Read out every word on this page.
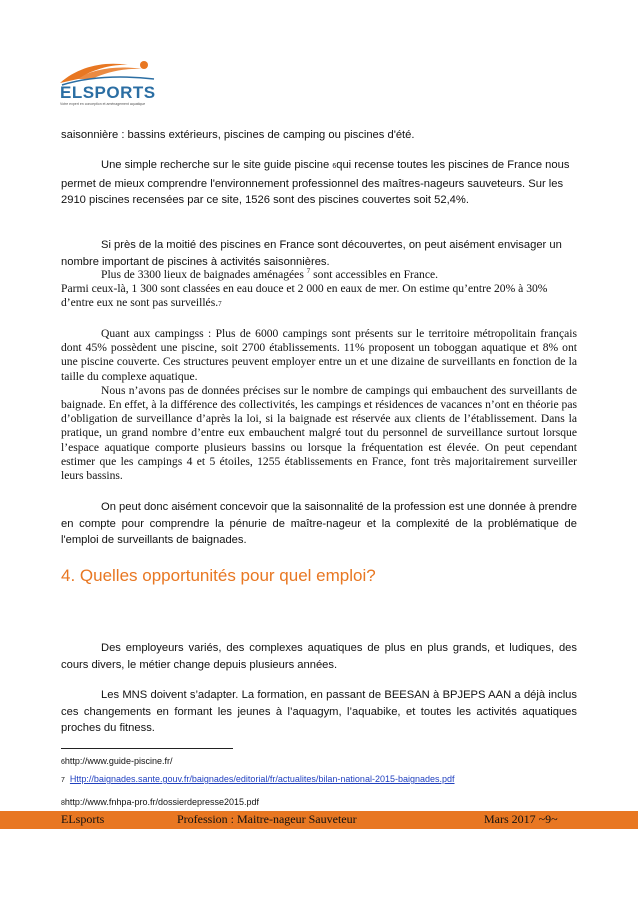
ELSPORTS
Votre expert en conception et aménagement aquatique

saisonnière : bassins extérieurs, piscines de camping ou piscines d'été.

Une simple recherche sur le site guide piscine 6qui recense toutes les piscines de France nous permet de mieux comprendre l'environnement professionnel des maîtres-nageurs sauveteurs. Sur les 2910 piscines recensées par ce site, 1526 sont des piscines couvertes soit 52,4%.

Si près de la moitié des piscines en France sont découvertes, on peut aisément envisager un nombre important de piscines à activités saisonnières.

Plus de 3300 lieux de baignades aménagées $^7$ sont accessibles en France.

Parmi ceux-là, 1 300 sont classées en eau douce et 2 000 en eaux de mer. On estime qu’entre 20% à 30% d’entre eux ne sont pas surveillés.7

Quant aux campingss : Plus de 6000 campings sont présents sur le territoire métropolitain français dont 45% possèdent une piscine, soit 2700 établissements. 11% proposent un toboggan aquatique et 8% ont une piscine couverte. Ces structures peuvent employer entre un et une dizaine de surveillants en fonction de la taille du complexe aquatique.

Nous n’avons pas de données précises sur le nombre de campings qui embauchent des surveillants de baignade. En effet, à la différence des collectivités, les campings et résidences de vacances n’ont en théorie pas d’obligation de surveillance d’après la loi, si la baignade est réservée aux clients de l’établissement. Dans la pratique, un grand nombre d’entre eux embauchent malgré tout du personnel de surveillance surtout lorsque l’espace aquatique comporte plusieurs bassins ou lorsque la fréquentation est élevée. On peut cependant estimer que les campings 4 et 5 étoiles, 1255 établissements en France, font très majoritairement surveiller leurs bassins.

On peut donc aisément concevoir que la saisonnalité de la profession est une donnée à prendre en compte pour comprendre la pénurie de maître-nageur et la complexité de la problématique de l'emploi de surveillants de baignades.

4. Quelles opportunités pour quel emploi?

Des employeurs variés, des complexes aquatiques de plus en plus grands, et ludiques, des cours divers, le métier change depuis plusieurs années.

Les MNS doivent s’adapter. La formation, en passant de BEESAN à BPJEPS AAN a déjà inclus ces changements en formant les jeunes à l’aquagym, l’aquabike, et toutes les activités aquatiques proches du fitness.

6http://www.guide-piscine.fr/
7 Http://baignades.sante.gouv.fr/baignades/editorial/fr/actualites/bilan-national-2015-baignades.pdf
8http://www.fnhpa-pro.fr/dossierdepresse2015.pdf
ELsports	Profession : Maitre-nageur Sauveteur	Mars 2017 ~9~
